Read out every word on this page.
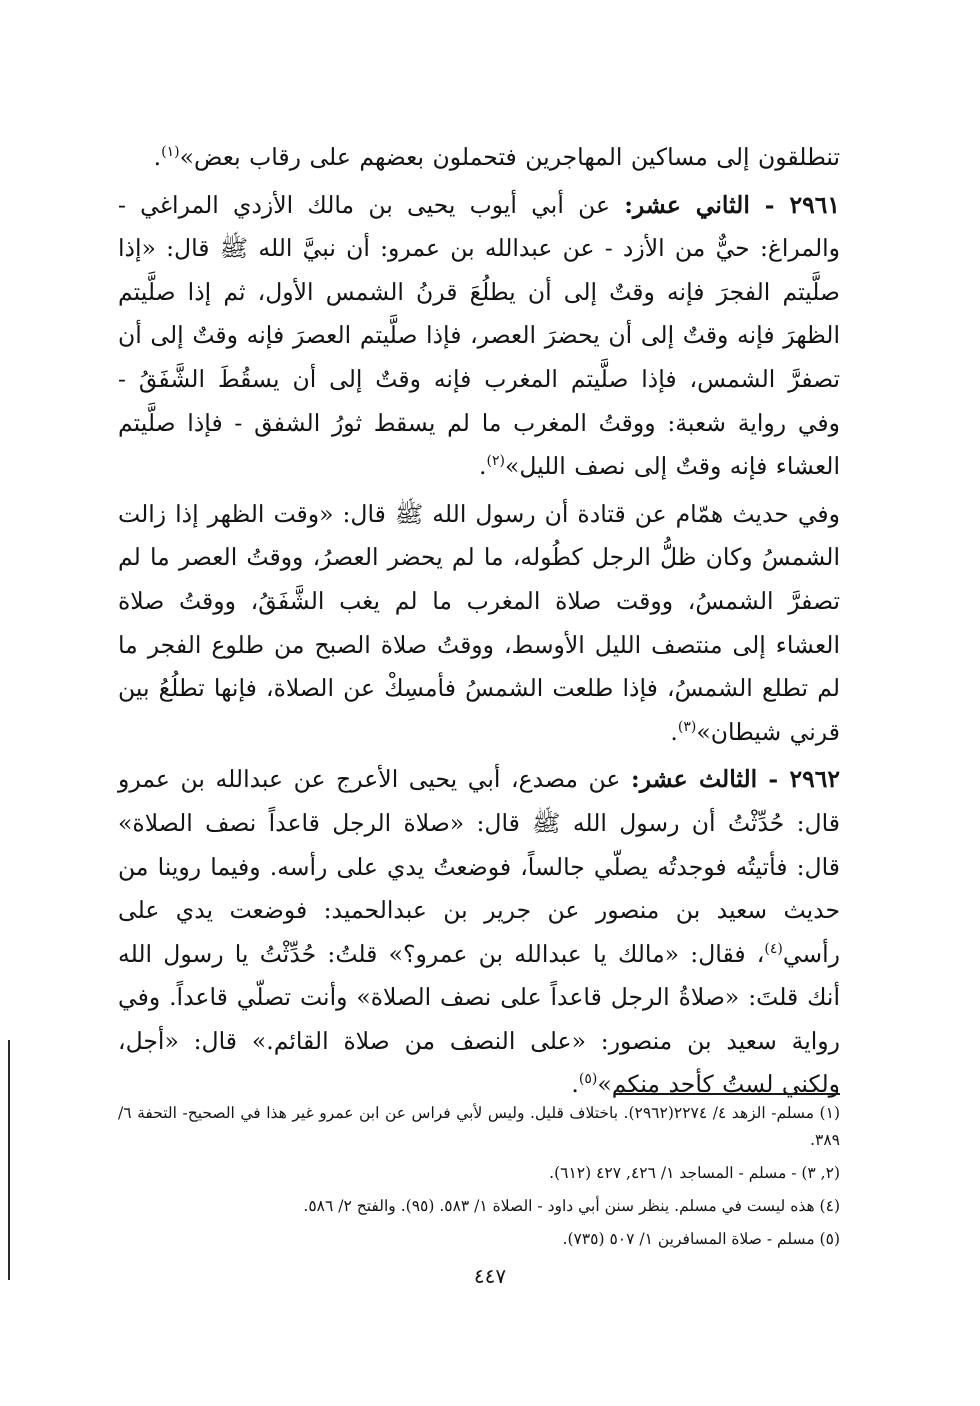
تنطلقون إلى مساكين المهاجرين فتحملون بعضهم على رقاب بعض»$^{(١)}$.

٢٩٦١ - الثاني عشر: عن أبي أيوب يحيى بن مالك الأزدي المراغي - والمراغ: حيٌّ من الأزد - عن عبدالله بن عمرو: أن نبيَّ الله ﷺ قال: «إذا صلَّيتم الفجرَ فإنه وقتٌ إلى أن يطلُعَ قرنُ الشمس الأول، ثم إذا صلَّيتم الظهرَ فإنه وقتٌ إلى أن يحضرَ العصر، فإذا صلَّيتم العصرَ فإنه وقتٌ إلى أن تصفرَّ الشمس، فإذا صلَّيتم المغرب فإنه وقتٌ إلى أن يسقُطَ الشَّفَقُ - وفي رواية شعبة: ووقتُ المغرب ما لم يسقط ثورُ الشفق - فإذا صلَّيتم العشاء فإنه وقتٌ إلى نصف الليل»$^{(٢)}$.

وفي حديث همّام عن قتادة أن رسول الله ﷺ قال: «وقت الظهر إذا زالت الشمسُ وكان ظلُّ الرجل كطُوله، ما لم يحضر العصرُ، ووقتُ العصر ما لم تصفرَّ الشمسُ، ووقت صلاة المغرب ما لم يغب الشَّفَقُ، ووقتُ صلاة العشاء إلى منتصف الليل الأوسط، ووقتُ صلاة الصبح من طلوع الفجر ما لم تطلع الشمسُ، فإذا طلعت الشمسُ فأمسِكْ عن الصلاة، فإنها تطلُعُ بين قرني شيطان»$^{(٣)}$.

٢٩٦٢ - الثالث عشر: عن مصدع، أبي يحيى الأعرج عن عبدالله بن عمرو قال: حُدِّثْتُ أن رسول الله ﷺ قال: «صلاة الرجل قاعداً نصف الصلاة» قال: فأتيتُه فوجدتُه يصلّي جالساً، فوضعتُ يدي على رأسه. وفيما روينا من حديث سعيد بن منصور عن جرير بن عبدالحميد: فوضعت يدي على رأسي$^{(٤)}$، فقال: «مالك يا عبدالله بن عمرو؟» قلتُ: حُدِّثْتُ يا رسول الله أنك قلتَ: «صلاةُ الرجل قاعداً على نصف الصلاة» وأنت تصلّي قاعداً. وفي رواية سعيد بن منصور: «على النصف من صلاة القائم.» قال: «أجل، ولكني لستُ كأحد منكم»$^{(٥)}$.

(١) مسلم- الزهد ٤/ ٢٢٧٤(٢٩٦٢). باختلاف قليل. وليس لأبي فراس عن ابن عمرو غير هذا في الصحيح- التحفة ٦/ ٣٨٩.

(٢, ٣) - مسلم - المساجد ١/ ٤٢٦, ٤٢٧ (٦١٢).

(٤) هذه ليست في مسلم. ينظر سنن أبي داود - الصلاة ١/ ٥٨٣. (٩٥). والفتح ٢/ ٥٨٦.

(٥) مسلم - صلاة المسافرين ١/ ٥٠٧ (٧٣٥).

٤٤٧
